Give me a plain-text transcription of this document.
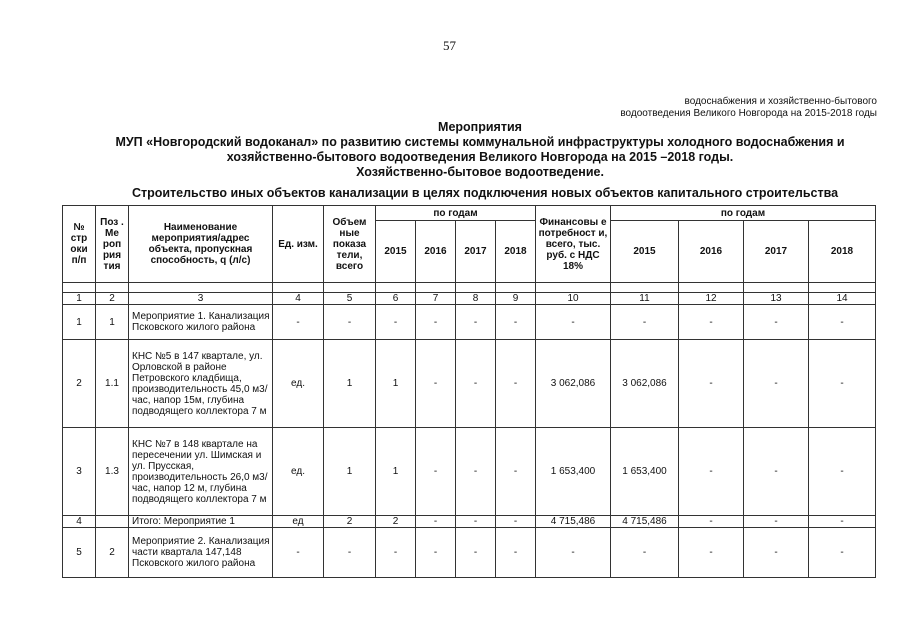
57
водоснабжения и хозяйственно-бытового
водоотведения Великого Новгорода на 2015-2018 годы
Мероприятия
МУП «Новгородский водоканал» по развитию системы коммунальной инфраструктуры холодного водоснабжения и
хозяйственно-бытового водоотведения Великого Новгорода на 2015 –2018 годы.
Хозяйственно-бытовое водоотведение.
Строительство иных объектов канализации в целях подключения новых объектов капитального строительства
№ стр оки п/п	Поз . Ме роп рия тия	Наименование мероприятия/адрес объекта, пропускная способность, q (л/с)	Ед. изм.	Объем ные показа тели, всего	по годам				Финансовы е потребност и, всего, тыс. руб. с НДС 18%	по годам			
					2015	2016	2017	2018		2015	2016	2017	2018

1	2	3	4	5	6	7	8	9	10	11	12	13	14
1	1	Мероприятие 1. Канализация Псковского жилого района	-	-	-	-	-	-	-	-	-	-	-
2	1.1	КНС №5 в 147 квартале, ул. Орловской в районе Петровского кладбища, производительность 45,0 м3/час, напор 15м, глубина подводящего коллектора 7 м	ед.	1	1	-	-	-	3 062,086	3 062,086	-	-	-
3	1.3	КНС №7 в 148 квартале на пересечении ул. Шимская и ул. Прусская, производительность 26,0 м3/час, напор 12 м, глубина подводящего коллектора 7 м	ед.	1	1	-	-	-	1 653,400	1 653,400	-	-	-
4		Итого: Мероприятие 1	ед	2	2	-	-	-	4 715,486	4 715,486	-	-	-
5	2	Мероприятие 2. Канализация части квартала 147,148 Псковского жилого района	-	-	-	-	-	-	-	-	-	-	-
